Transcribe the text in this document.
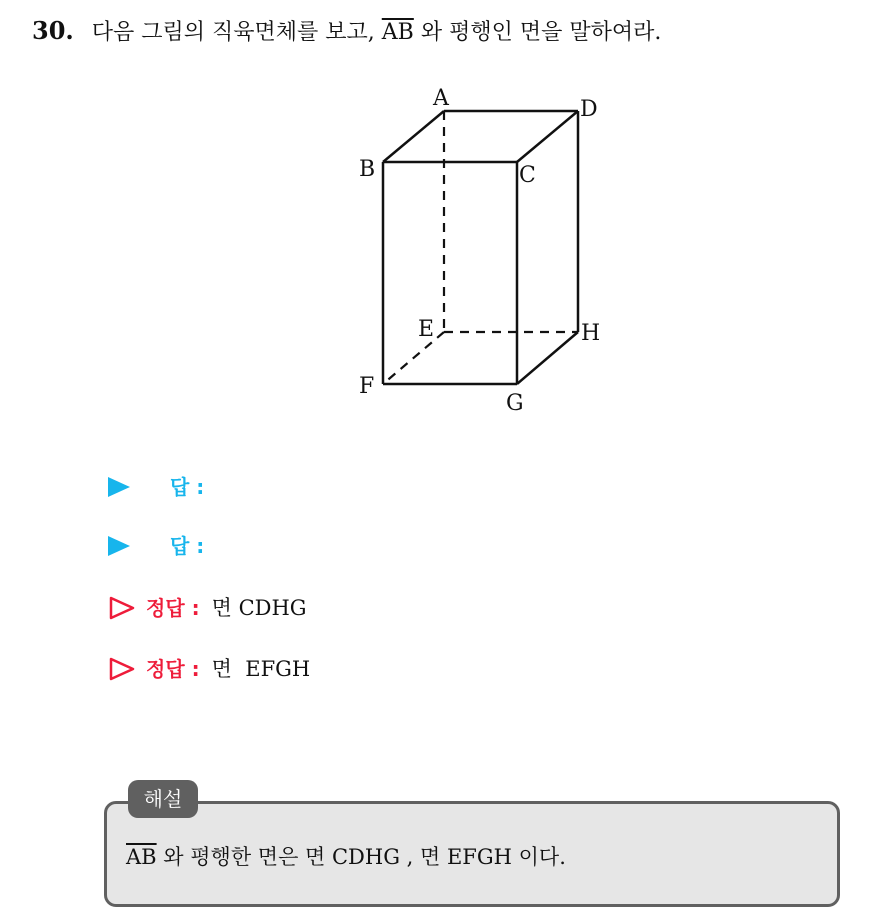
30. 다음 그림의 직육면체를 보고, $\overline{AB}$ 와 평행인 면을 말하여라.
A	D
B	C
E	H
F
G
답 :
답 :
정답 : 면 CDHG
정답 : 면  EFGH
해설
$\overline{AB}$ 와 평행한 면은 면 CDHG , 면 EFGH 이다.
